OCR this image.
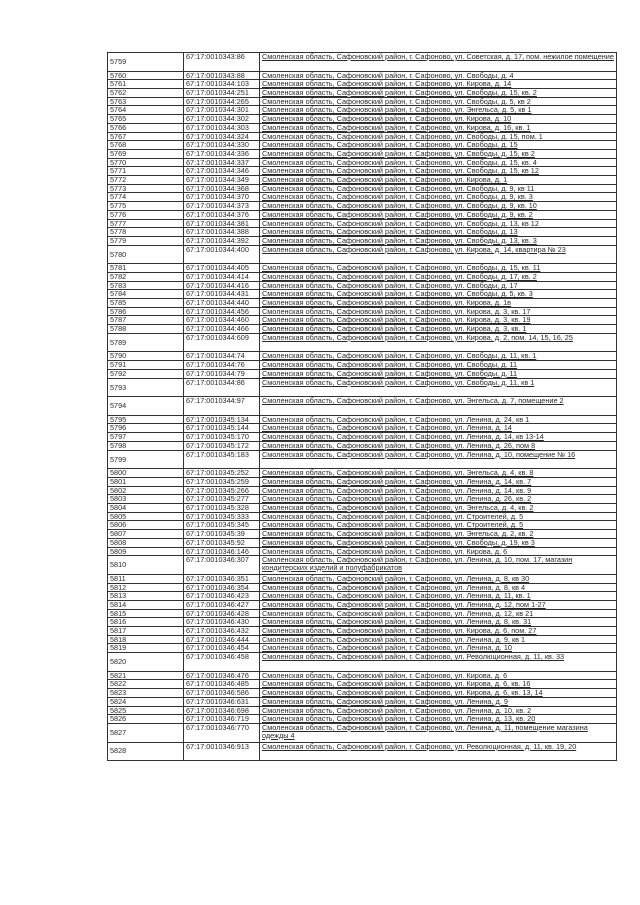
5759	67:17:0010343:86	Смоленская область, Сафоновский район, г. Сафоново, ул. Советская, д. 17, пом. нежилое помещение
5760	67:17:0010343:88	Смоленская область, Сафоновский район, г. Сафоново, ул. Свободы, д. 4
5761	67:17:0010344:103	Смоленская область, Сафоновский район, г. Сафоново, ул. Кирова, д. 14
5762	67:17:0010344:251	Смоленская область, Сафоновский район, г. Сафоново, ул. Свободы, д. 15, кв. 2
5763	67:17:0010344:265	Смоленская область, Сафоновский район, г. Сафоново, ул. Свободы, д. 5, кв 2
5764	67:17:0010344:301	Смоленская область, Сафоновский район, г. Сафоново, ул. Энгельса, д. 5, кв 1
5765	67:17:0010344:302	Смоленская область, Сафоновский район, г. Сафоново, ул. Кирова, д. 10
5766	67:17:0010344:303	Смоленская область, Сафоновский район, г. Сафоново, ул. Кирова, д. 16, кв. 1
5767	67:17:0010344:324	Смоленская область, Сафоновский район, г. Сафоново, ул. Свободы, д. 15, пом. 1
5768	67:17:0010344:330	Смоленская область, Сафоновский район, г. Сафоново, ул. Свободы, д. 15
5769	67:17:0010344:336	Смоленская область, Сафоновский район, г. Сафоново, ул. Свободы, д. 15, кв 2
5770	67:17:0010344:337	Смоленская область, Сафоновский район, г. Сафоново, ул. Свободы, д. 15, кв. 4
5771	67:17:0010344:346	Смоленская область, Сафоновский район, г. Сафоново, ул. Свободы, д. 15, кв 12
5772	67:17:0010344:349	Смоленская область, Сафоновский район, г. Сафоново, ул. Кирова, д. 1
5773	67:17:0010344:368	Смоленская область, Сафоновский район, г. Сафоново, ул. Свободы, д. 9, кв 11
5774	67:17:0010344:370	Смоленская область, Сафоновский район, г. Сафоново, ул. Свободы, д. 9, кв. 3
5775	67:17:0010344:373	Смоленская область, Сафоновский район, г. Сафоново, ул. Свободы, д. 9, кв. 10
5776	67:17:0010344:376	Смоленская область, Сафоновский район, г. Сафоново, ул. Свободы, д. 9, кв. 2
5777	67:17:0010344:381	Смоленская область, Сафоновский район, г. Сафоново, ул. Свободы, д. 13, кв 12
5778	67:17:0010344:388	Смоленская область, Сафоновский район, г. Сафоново, ул. Свободы, д. 13
5779	67:17:0010344:392	Смоленская область, Сафоновский район, г. Сафоново, ул. Свободы, д. 13, кв. 3
5780	67:17:0010344:400	Смоленская область, Сафоновский район, г. Сафоново, ул. Кирова, д. 14, квартира № 23
5781	67:17:0010344:405	Смоленская область, Сафоновский район, г. Сафоново, ул. Свободы, д. 15, кв. 11
5782	67:17:0010344:414	Смоленская область, Сафоновский район, г. Сафоново, ул. Свободы, д. 17, кв. 2
5783	67:17:0010344:416	Смоленская область, Сафоновский район, г. Сафоново, ул. Свободы, д. 17
5784	67:17:0010344:431	Смоленская область, Сафоновский район, г. Сафоново, ул. Свободы, д. 5, кв. 3
5785	67:17:0010344:440	Смоленская область, Сафоновский район, г. Сафоново, ул. Кирова, д. 1в
5786	67:17:0010344:456	Смоленская область, Сафоновский район, г. Сафоново, ул. Кирова, д. 3, кв. 17
5787	67:17:0010344:460	Смоленская область, Сафоновский район, г. Сафоново, ул. Кирова, д. 3, кв. 19
5788	67:17:0010344:466	Смоленская область, Сафоновский район, г. Сафоново, ул. Кирова, д. 3, кв. 1
5789	67:17:0010344:609	Смоленская область, Сафоновский район, г. Сафоново, ул. Кирова, д. 2, пом. 14, 15, 16, 25
5790	67:17:0010344:74	Смоленская область, Сафоновский район, г. Сафоново, ул. Свободы, д. 11, кв. 1
5791	67:17:0010344:76	Смоленская область, Сафоновский район, г. Сафоново, ул. Свободы, д. 11
5792	67:17:0010344:79	Смоленская область, Сафоновский район, г. Сафоново, ул. Свободы, д. 11
5793	67:17:0010344:86	Смоленская область, Сафоновский район, г. Сафоново, ул. Свободы, д. 11, кв 1
5794	67:17:0010344:97	Смоленская область, Сафоновский район, г. Сафоново, ул. Энгельса, д. 7, помещение 2
5795	67:17:0010345:134	Смоленская область, Сафоновский район, г. Сафоново, ул. Ленина, д. 24, кв 1
5796	67:17:0010345:144	Смоленская область, Сафоновский район, г. Сафоново, ул. Ленина, д. 14
5797	67:17:0010345:170	Смоленская область, Сафоновский район, г. Сафоново, ул. Ленина, д. 14, кв 13-14
5798	67:17:0010345:172	Смоленская область, Сафоновский район, г. Сафоново, ул. Ленина, д. 26, пом 8
5799	67:17:0010345:183	Смоленская область, Сафоновский район, г. Сафоново, ул. Ленина, д. 10, помещение № 16
5800	67:17:0010345:252	Смоленская область, Сафоновский район, г. Сафоново, ул. Энгельса, д. 4, кв. 8
5801	67:17:0010345:259	Смоленская область, Сафоновский район, г. Сафоново, ул. Ленина, д. 14, кв. 7
5802	67:17:0010345:266	Смоленская область, Сафоновский район, г. Сафоново, ул. Ленина, д. 14, кв. 9
5803	67:17:0010345:277	Смоленская область, Сафоновский район, г. Сафоново, ул. Ленина, д. 26, кв. 2
5804	67:17:0010345:328	Смоленская область, Сафоновский район, г. Сафоново, ул. Энгельса, д. 4, кв. 2
5805	67:17:0010345:333	Смоленская область, Сафоновский район, г. Сафоново, ул. Строителей, д. 5
5806	67:17:0010345:345	Смоленская область, Сафоновский район, г. Сафоново, ул. Строителей, д. 5
5807	67:17:0010345:39	Смоленская область, Сафоновский район, г. Сафоново, ул. Энгельса, д. 2, кв. 2
5808	67:17:0010345:92	Смоленская область, Сафоновский район, г. Сафоново, ул. Свободы, д. 19, кв 3
5809	67:17:0010346:146	Смоленская область, Сафоновский район, г. Сафоново, ул. Кирова, д. 6
5810	67:17:0010346:307	Смоленская область, Сафоновский район, г. Сафоново, ул. Ленина, д. 10, пом. 17, магазин кондитерских изделий и полуфабрикатов
5811	67:17:0010346:351	Смоленская область, Сафоновский район, г. Сафоново, ул. Ленина, д. 8, кв 30
5812	67:17:0010346:354	Смоленская область, Сафоновский район, г. Сафоново, ул. Ленина, д. 8, кв 4
5813	67:17:0010346:423	Смоленская область, Сафоновский район, г. Сафоново, ул. Ленина, д. 11, кв. 1
5814	67:17:0010346:427	Смоленская область, Сафоновский район, г. Сафоново, ул. Ленина, д. 12, пом 1-27
5815	67:17:0010346:428	Смоленская область, Сафоновский район, г. Сафоново, ул. Ленина, д. 12, кв 21
5816	67:17:0010346:430	Смоленская область, Сафоновский район, г. Сафоново, ул. Ленина, д. 8, кв. 31
5817	67:17:0010346:432	Смоленская область, Сафоновский район, г. Сафоново, ул. Кирова, д. 6, пом. 27
5818	67:17:0010346:444	Смоленская область, Сафоновский район, г. Сафоново, ул. Ленина, д. 9, кв 1
5819	67:17:0010346:454	Смоленская область, Сафоновский район, г. Сафоново, ул. Ленина, д. 10
5820	67:17:0010346:458	Смоленская область, Сафоновский район, г. Сафоново, ул. Революционная, д. 11, кв. 33
5821	67:17:0010346:476	Смоленская область, Сафоновский район, г. Сафоново, ул. Кирова, д. 6
5822	67:17:0010346:485	Смоленская область, Сафоновский район, г. Сафоново, ул. Кирова, д. 6, кв. 16
5823	67:17:0010346:586	Смоленская область, Сафоновский район, г. Сафоново, ул. Кирова, д. 6, кв. 13, 14
5824	67:17:0010346:631	Смоленская область, Сафоновский район, г. Сафоново, ул. Ленина, д. 9
5825	67:17:0010346:698	Смоленская область, Сафоновский район, г. Сафоново, ул. Ленина, д. 10, кв. 2
5826	67:17:0010346:719	Смоленская область, Сафоновский район, г. Сафоново, ул. Ленина, д. 13, кв. 20
5827	67:17:0010346:770	Смоленская область, Сафоновский район, г. Сафоново, ул. Ленина, д. 11, помещение магазина одежды 4
5828	67:17:0010346:913	Смоленская область, Сафоновский район, г. Сафоново, ул. Революционная, д. 11, кв. 19, 20
